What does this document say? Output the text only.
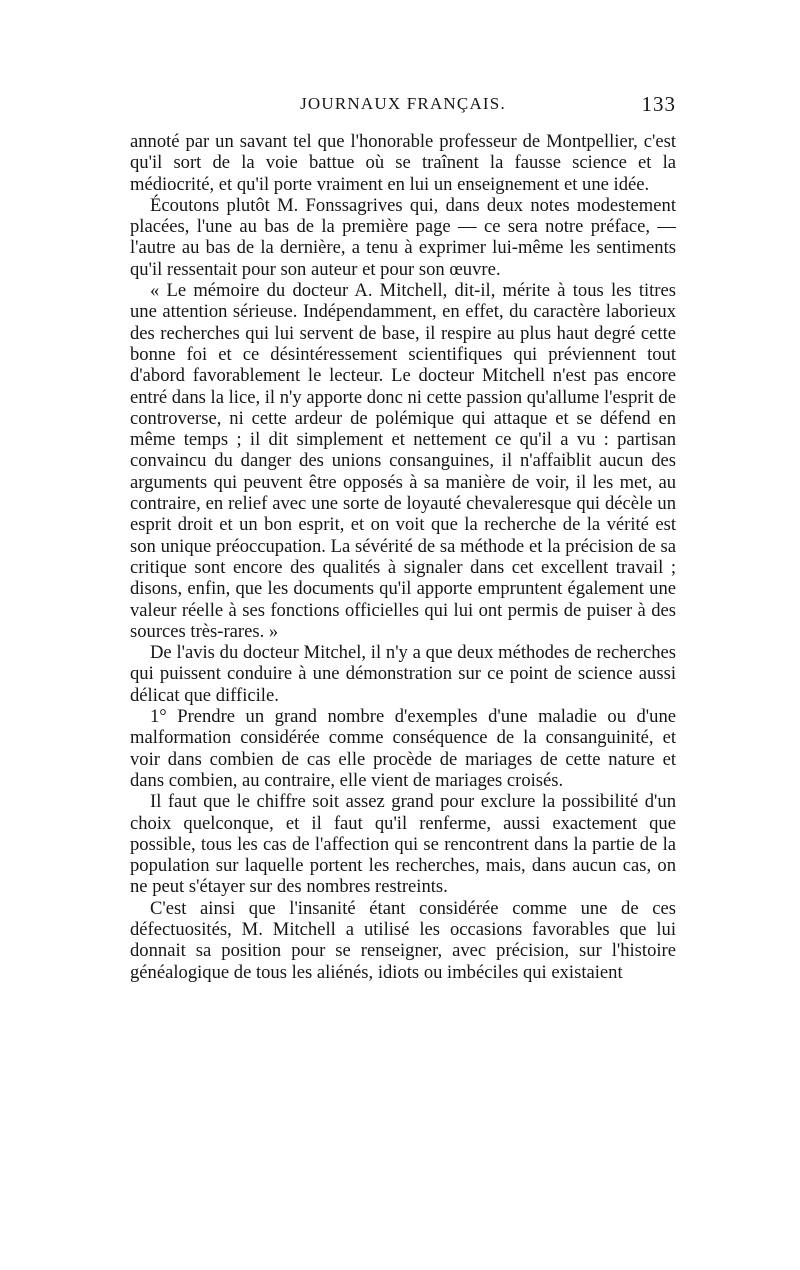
JOURNAUX FRANÇAIS.	133

annoté par un savant tel que l'honorable professeur de Montpellier, c'est qu'il sort de la voie battue où se traînent la fausse science et la médiocrité, et qu'il porte vraiment en lui un enseignement et une idée.

Écoutons plutôt M. Fonssagrives qui, dans deux notes modestement placées, l'une au bas de la première page — ce sera notre préface, — l'autre au bas de la dernière, a tenu à exprimer lui-même les sentiments qu'il ressentait pour son auteur et pour son œuvre.

« Le mémoire du docteur A. Mitchell, dit-il, mérite à tous les titres une attention sérieuse. Indépendamment, en effet, du caractère laborieux des recherches qui lui servent de base, il respire au plus haut degré cette bonne foi et ce désintéressement scientifiques qui préviennent tout d'abord favorablement le lecteur. Le docteur Mitchell n'est pas encore entré dans la lice, il n'y apporte donc ni cette passion qu'allume l'esprit de controverse, ni cette ardeur de polémique qui attaque et se défend en même temps ; il dit simplement et nettement ce qu'il a vu : partisan convaincu du danger des unions consanguines, il n'affaiblit aucun des arguments qui peuvent être opposés à sa manière de voir, il les met, au contraire, en relief avec une sorte de loyauté chevaleresque qui décèle un esprit droit et un bon esprit, et on voit que la recherche de la vérité est son unique préoccupation. La sévérité de sa méthode et la précision de sa critique sont encore des qualités à signaler dans cet excellent travail ; disons, enfin, que les documents qu'il apporte empruntent également une valeur réelle à ses fonctions officielles qui lui ont permis de puiser à des sources très-rares. »

De l'avis du docteur Mitchel, il n'y a que deux méthodes de recherches qui puissent conduire à une démonstration sur ce point de science aussi délicat que difficile.

1° Prendre un grand nombre d'exemples d'une maladie ou d'une malformation considérée comme conséquence de la consanguinité, et voir dans combien de cas elle procède de mariages de cette nature et dans combien, au contraire, elle vient de mariages croisés.

Il faut que le chiffre soit assez grand pour exclure la possibilité d'un choix quelconque, et il faut qu'il renferme, aussi exactement que possible, tous les cas de l'affection qui se rencontrent dans la partie de la population sur laquelle portent les recherches, mais, dans aucun cas, on ne peut s'étayer sur des nombres restreints.

C'est ainsi que l'insanité étant considérée comme une de ces défectuosités, M. Mitchell a utilisé les occasions favorables que lui donnait sa position pour se renseigner, avec précision, sur l'histoire généalogique de tous les aliénés, idiots ou imbéciles qui existaient
